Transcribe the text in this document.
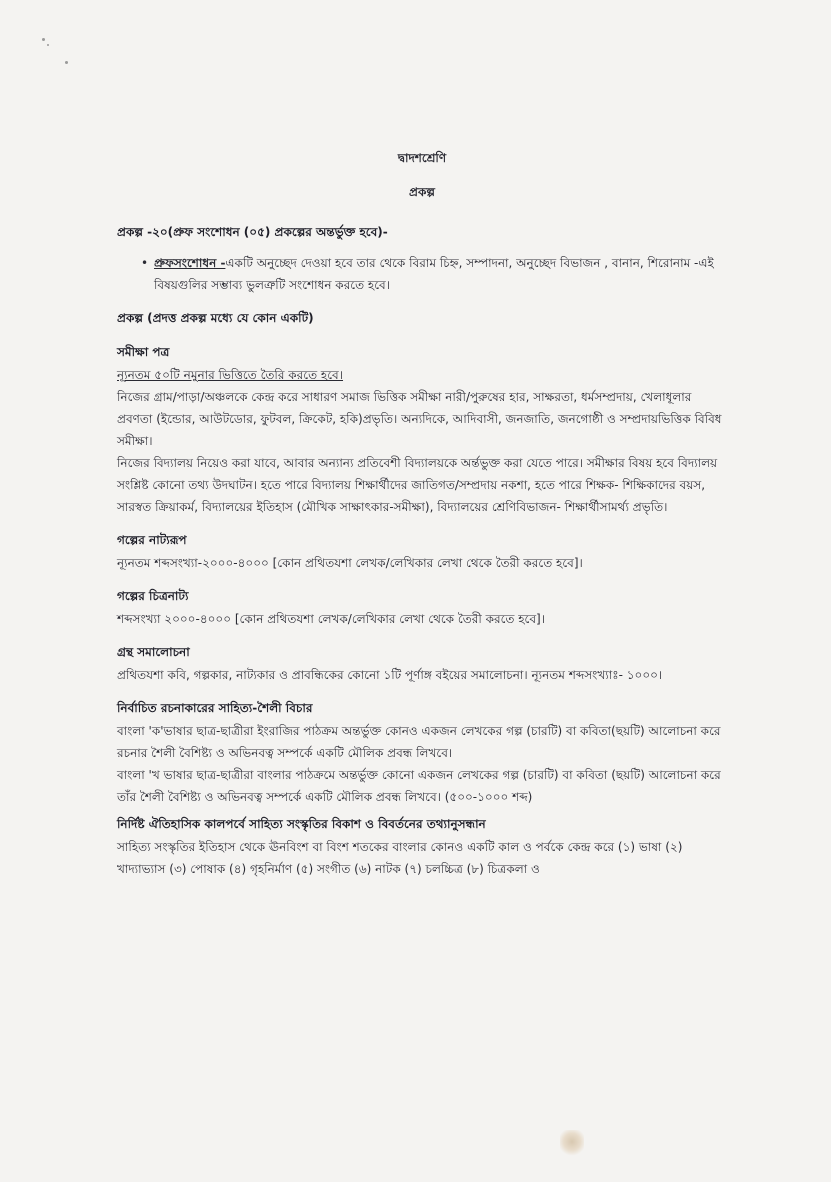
দ্বাদশশ্রেণি

প্রকল্প

প্রকল্প -২০(প্রুফ সংশোধন (০৫) প্রকল্পের অন্তর্ভুক্ত হবে)-

• প্রুফসংশোধন -একটি অনুচ্ছেদ দেওয়া হবে তার থেকে বিরাম চিহ্ন, সম্পাদনা, অনুচ্ছেদ বিভাজন , বানান, শিরোনাম -এই বিষয়গুলির সম্ভাব্য ভুলত্রুটি সংশোধন করতে হবে।

প্রকল্প (প্রদত্ত প্রকল্প মধ্যে যে কোন একটি)

সমীক্ষা পত্র

ন্যূনতম ৫০টি নমুনার ভিত্তিতে তৈরি করতে হবে।

নিজের গ্রাম/পাড়া/অঞ্চলকে কেন্দ্র করে সাধারণ সমাজ ভিত্তিক সমীক্ষা নারী/পুরুষের হার, সাক্ষরতা, ধর্মসম্প্রদায়, খেলাধূলার প্রবণতা (ইন্ডোর, আউটডোর, ফুটবল, ক্রিকেট, হকি)প্রভৃতি। অন্যদিকে, আদিবাসী, জনজাতি, জনগোষ্ঠী ও সম্প্রদায়ভিত্তিক বিবিধ সমীক্ষা।

নিজের বিদ্যালয় নিয়েও করা যাবে, আবার অন্যান্য প্রতিবেশী বিদ্যালয়কে অর্ন্তভুক্ত করা যেতে পারে। সমীক্ষার বিষয় হবে বিদ্যালয় সংশ্লিষ্ট কোনো তথ্য উদঘাটন। হতে পারে বিদ্যালয় শিক্ষার্থীদের জাতিগত/সম্প্রদায় নকশা, হতে পারে শিক্ষক- শিক্ষিকাদের বয়স, সারস্বত ক্রিয়াকর্ম, বিদ্যালয়ের ইতিহাস (মৌখিক সাক্ষাৎকার-সমীক্ষা), বিদ্যালয়ের শ্রেণিবিভাজন- শিক্ষার্থীসামর্থ্য প্রভৃতি।

গল্পের নাট্যরূপ

ন্যূনতম শব্দসংখ্যা-২০০০-৪০০০ [কোন প্রথিতযশা লেখক/লেখিকার লেখা থেকে তৈরী করতে হবে]।

গল্পের চিত্রনাট্য

শব্দসংখ্যা ২০০০-৪০০০ [কোন প্রথিতযশা লেখক/লেখিকার লেখা থেকে তৈরী করতে হবে]।

গ্রন্থ সমালোচনা

প্রথিতযশা কবি, গল্পকার, নাট্যকার ও প্রাবন্ধিকের কোনো ১টি পূর্ণাঙ্গ বইয়ের সমালোচনা। ন্যূনতম শব্দসংখ্যাঃ- ১০০০।

নির্বাচিত রচনাকারের সাহিত্য-শৈলী বিচার

বাংলা 'ক'ভাষার ছাত্র-ছাত্রীরা ইংরাজির পাঠক্রম অন্তর্ভুক্ত কোনও একজন লেখকের গল্প (চারটি) বা কবিতা(ছয়টি) আলোচনা করে রচনার শৈলী বৈশিষ্ট্য ও অভিনবত্ব সম্পর্কে একটি মৌলিক প্রবন্ধ লিখবে।

বাংলা 'খ ভাষার ছাত্র-ছাত্রীরা বাংলার পাঠক্রমে অন্তর্ভুক্ত কোনো একজন লেখকের গল্প (চারটি) বা কবিতা (ছয়টি) আলোচনা করে তাঁর শৈলী বৈশিষ্ট্য ও অভিনবত্ব সম্পর্কে একটি মৌলিক প্রবন্ধ লিখবে। (৫০০-১০০০ শব্দ)

নির্দিষ্ট ঐতিহাসিক কালপর্বে সাহিত্য সংস্কৃতির বিকাশ ও বিবর্তনের তথ্যানুসন্ধান

সাহিত্য সংস্কৃতির ইতিহাস থেকে ঊনবিংশ বা বিংশ শতকের বাংলার কোনও একটি কাল ও পর্বকে কেন্দ্র করে (১) ভাষা (২) খাদ্যাভ্যাস (৩) পোষাক (৪) গৃহনির্মাণ (৫) সংগীত (৬) নাটক (৭) চলচ্চিত্র (৮) চিত্রকলা ও
